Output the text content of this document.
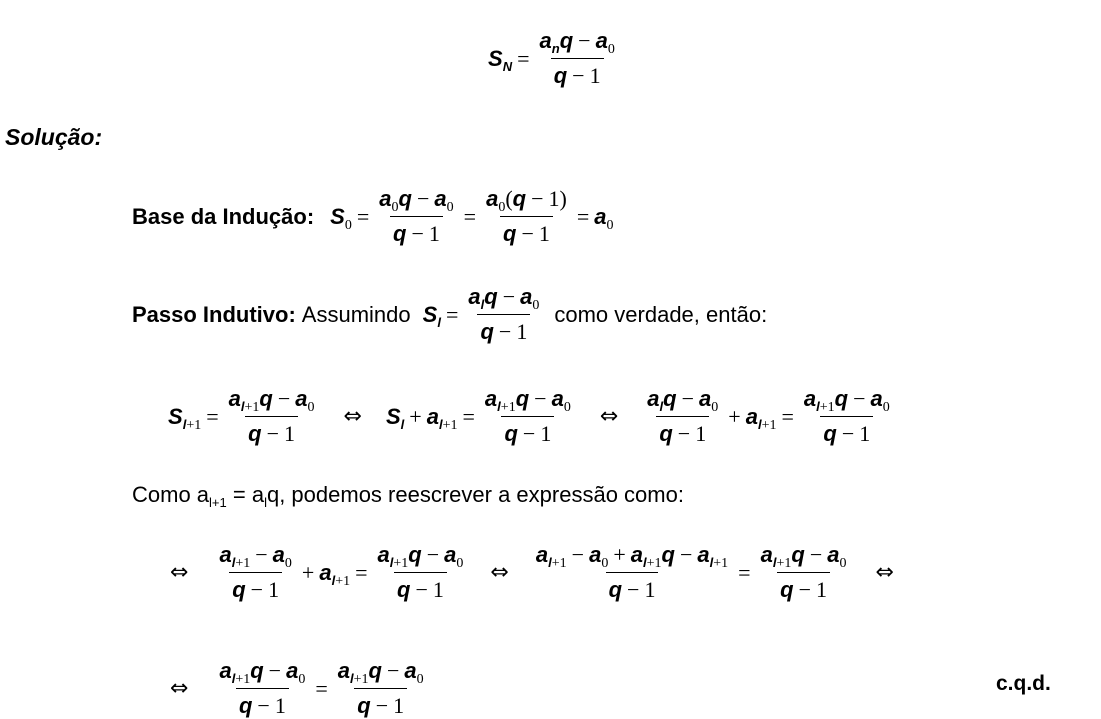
$S_N = \frac{a_nq - a_0}{q - 1}$
Solução:
Base da Indução: $S_0 = \frac{a_0q - a_0}{q - 1} = \frac{a_0(q - 1)}{q - 1} = a_0$
Passo Indutivo: Assumindo $S_l = \frac{a_lq - a_0}{q - 1}$ como verdade, então:
$S_{l+1} = \frac{a_{l+1}q - a_0}{q - 1}$	⇔	$S_l + a_{l+1} = \frac{a_{l+1}q - a_0}{q - 1}$	⇔	$\frac{a_lq - a_0}{q - 1} + a_{l+1} = \frac{a_{l+1}q - a_0}{q - 1}$
Como $a_{l+1} = a_lq$, podemos reescrever a expressão como:
⇔	$\frac{a_{l+1} - a_0}{q - 1} + a_{l+1} = \frac{a_{l+1}q - a_0}{q - 1}$	⇔	$\frac{a_{l+1} - a_0 + a_{l+1}q - a_{l+1}}{q - 1} = \frac{a_{l+1}q - a_0}{q - 1}$	⇔
⇔	$\frac{a_{l+1}q - a_0}{q - 1} = \frac{a_{l+1}q - a_0}{q - 1}$	c.q.d.
